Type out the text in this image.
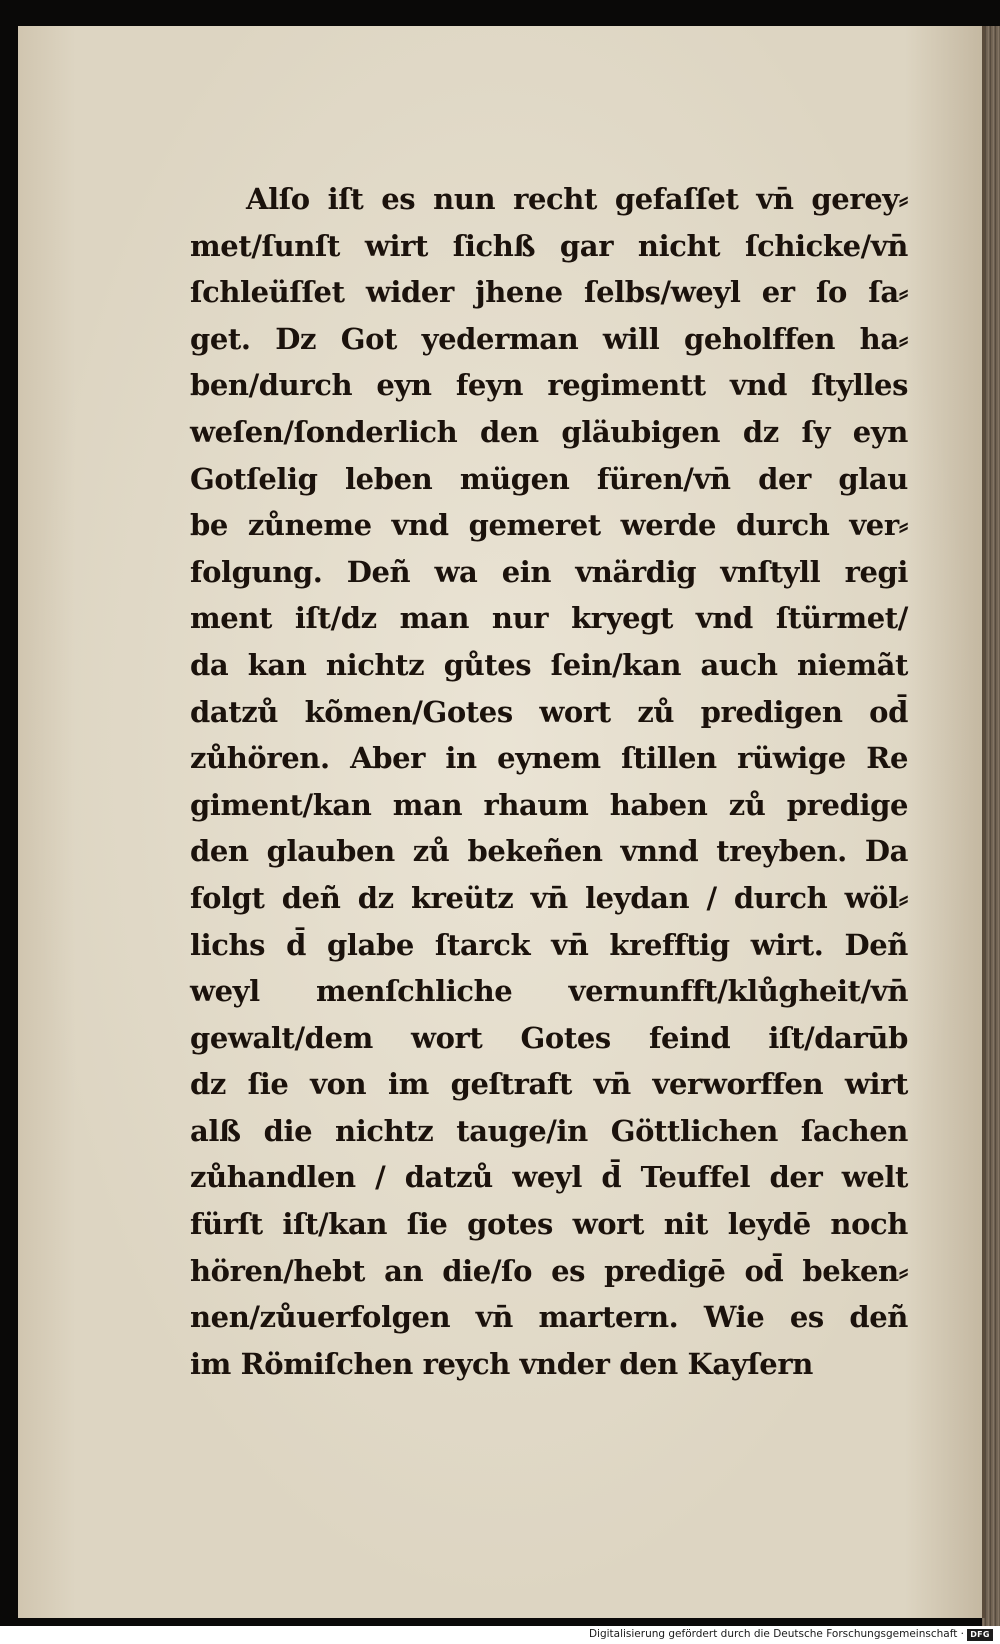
Alſo iſt es nun recht gefaſſet vn̄ gerey⸗
met/ſunſt wirt ſichß gar nicht ſchicke/vn̄
ſchleüſſet wider jhene ſelbs/weyl er ſo ſa⸗
get. Dz Got yederman will geholffen ha⸗
ben/durch eyn feyn regimentt vnd ſtylles
weſen/ſonderlich den gläubigen dz ſy eyn
Gotſelig leben mügen füren/vn̄ der glau
be zůneme vnd gemeret werde durch ver⸗
folgung. Deñ wa ein vnärdig vnſtyll regi
ment iſt/dz man nur kryegt vnd ſtürmet/
da kan nichtz gůtes ſein/kan auch niemãt
datzů kõmen/Gotes wort zů predigen od̄
zůhören. Aber in eynem ſtillen rüwige Re
giment/kan man rhaum haben zů predige
den glauben zů bekeñen vnnd treyben. Da
folgt deñ dz kreütz vn̄ leydan / durch wöl⸗
lichs d̄ glabe ſtarck vn̄ krefftig wirt. Deñ
weyl menſchliche vernunfft/klůgheit/vn̄
gewalt/dem wort Gotes feind iſt/darūb
dz ſie von im geſtraft vn̄ verworffen wirt
alß die nichtz tauge/in Göttlichen ſachen
zůhandlen / datzů weyl d̄ Teuffel der welt
fürſt iſt/kan ſie gotes wort nit leydē noch
hören/hebt an die/ſo es predigē od̄ beken⸗
nen/zůuerfolgen vn̄ martern. Wie es deñ
im Römiſchen reych vnder den Kayſern
Digitalisierung gefördert durch die Deutsche Forschungsgemeinschaft · DFG
